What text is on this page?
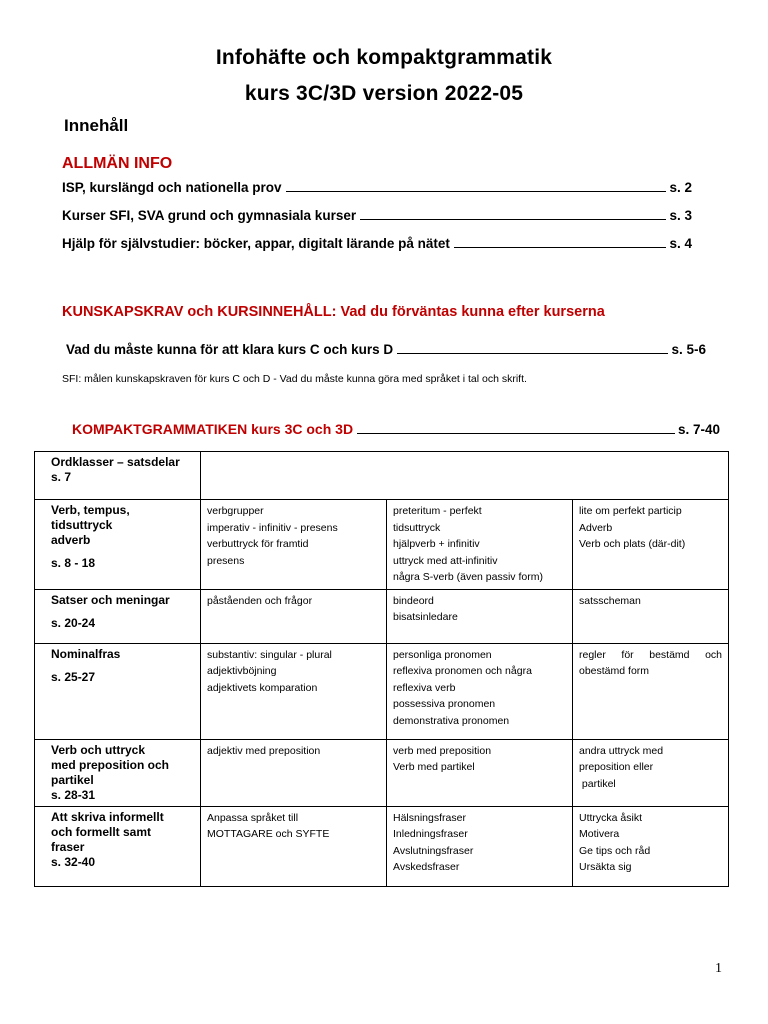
Infohäfte och kompaktgrammatik
kurs 3C/3D version 2022-05
Innehåll
ALLMÄN INFO
ISP, kurslängd och nationella prov	s. 2
Kurser SFI, SVA grund och gymnasiala kurser	s. 3
Hjälp för självstudier: böcker, appar, digitalt lärande på nätet	s. 4
KUNSKAPSKRAV och KURSINNEHÅLL: Vad du förväntas kunna efter kurserna
Vad du måste kunna för att klara kurs C och kurs D	s. 5-6
SFI: målen kunskapskraven för kurs C och D - Vad du måste kunna göra med språket i tal och skrift.
KOMPAKTGRAMMATIKEN kurs 3C och 3D	s. 7-40
Ordklasser – satsdelar
s. 7			

Verb, tempus,
tidsuttryck
adverb
s. 8 - 18	verbgrupper
imperativ - infinitiv - presens
verbuttryck för framtid
presens	preteritum - perfekt
tidsuttryck
hjälpverb + infinitiv
uttryck med att-infinitiv
några S-verb (även passiv form)	lite om perfekt particip
Adverb
Verb och plats (där-dit)

Satser och meningar
s. 20-24	påståenden och frågor	bindeord
bisatsinledare	satsscheman

Nominalfras
s. 25-27	substantiv: singular - plural
adjektivböjning
adjektivets komparation	personliga pronomen
reflexiva pronomen och några
reflexiva verb
possessiva pronomen
demonstrativa pronomen	regler för bestämd och
obestämd form

Verb och uttryck
med preposition och
partikel
s. 28-31	adjektiv med preposition	verb med preposition
Verb med partikel	andra uttryck med
preposition eller
partikel

Att skriva informellt
och formellt samt
fraser
s. 32-40	Anpassa språket till
MOTTAGARE och SYFTE	Hälsningsfraser
Inledningsfraser
Avslutningsfraser
Avskedsfraser	Uttrycka åsikt
Motivera
Ge tips och råd
Ursäkta sig
1
